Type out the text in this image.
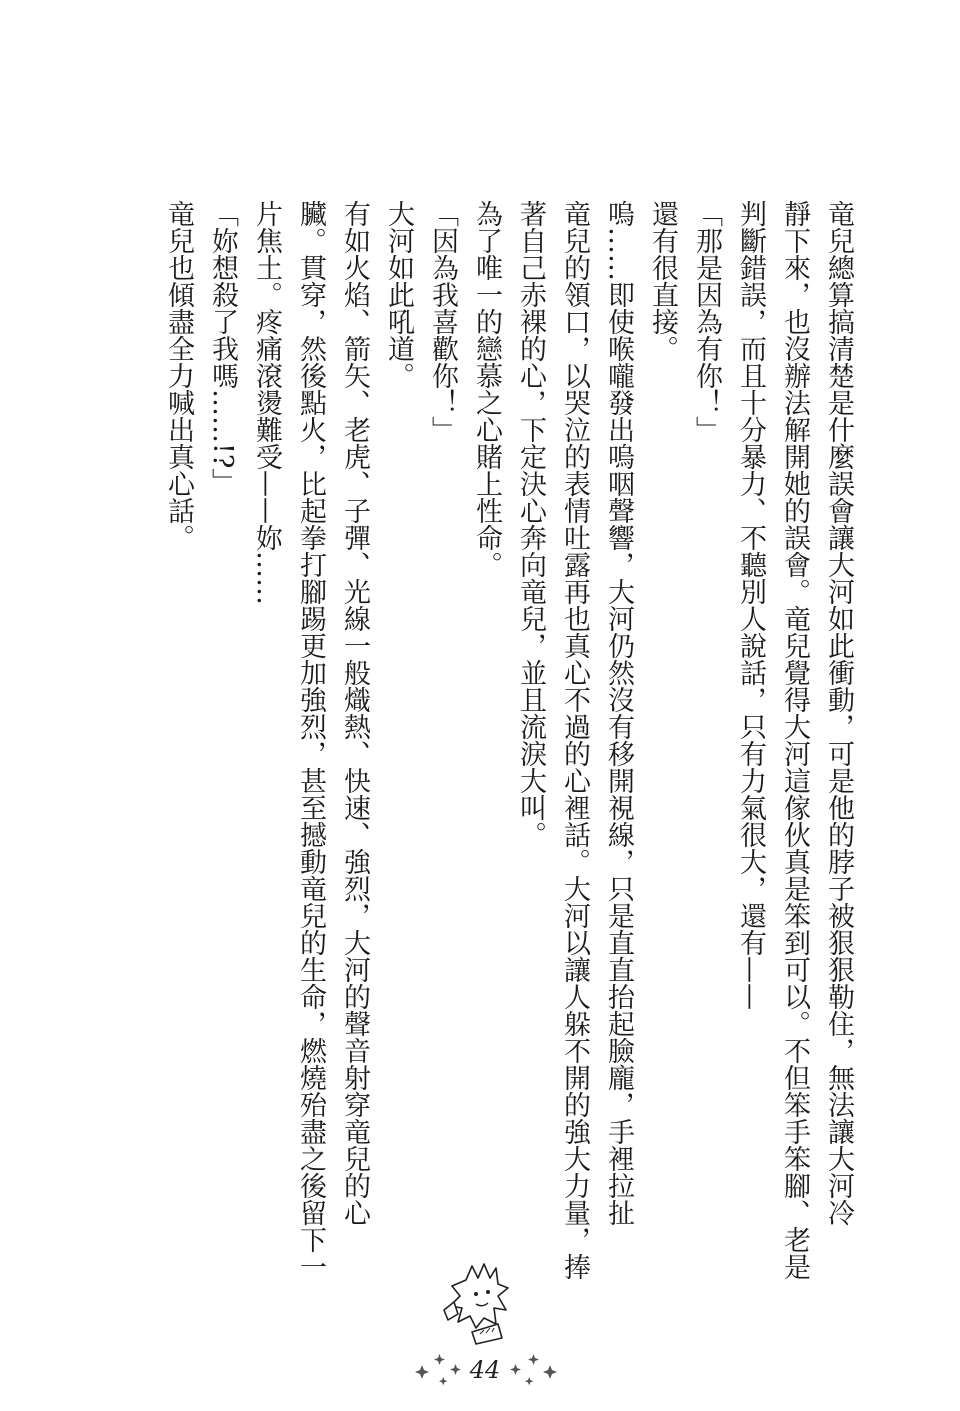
竜兒總算搞清楚是什麼誤會讓大河如此衝動，可是他的脖子被狠狠勒住，無法讓大河冷

靜下來，也沒辦法解開她的誤會。竜兒覺得大河這傢伙真是笨到可以。不但笨手笨腳、老是

判斷錯誤，而且十分暴力、不聽別人說話，只有力氣很大，還有——

「那是因為有你！」

還有很直接。

嗚……即使喉嚨發出嗚咽聲響，大河仍然沒有移開視線，只是直直抬起臉龐，手裡拉扯

竜兒的領口，以哭泣的表情吐露再也真心不過的心裡話。大河以讓人躲不開的強大力量，捧

著自己赤裸的心，下定決心奔向竜兒，並且流淚大叫。

為了唯一的戀慕之心賭上性命。

「因為我喜歡你！」

大河如此吼道。

有如火焰、箭矢、老虎、子彈、光線一般熾熱、快速、強烈，大河的聲音射穿竜兒的心

臟。貫穿，然後點火，比起拳打腳踢更加強烈，甚至撼動竜兒的生命，燃燒殆盡之後留下一

片焦土。疼痛滾燙難受——妳……

「妳想殺了我嗎……!?」

竜兒也傾盡全力喊出真心話。

44
